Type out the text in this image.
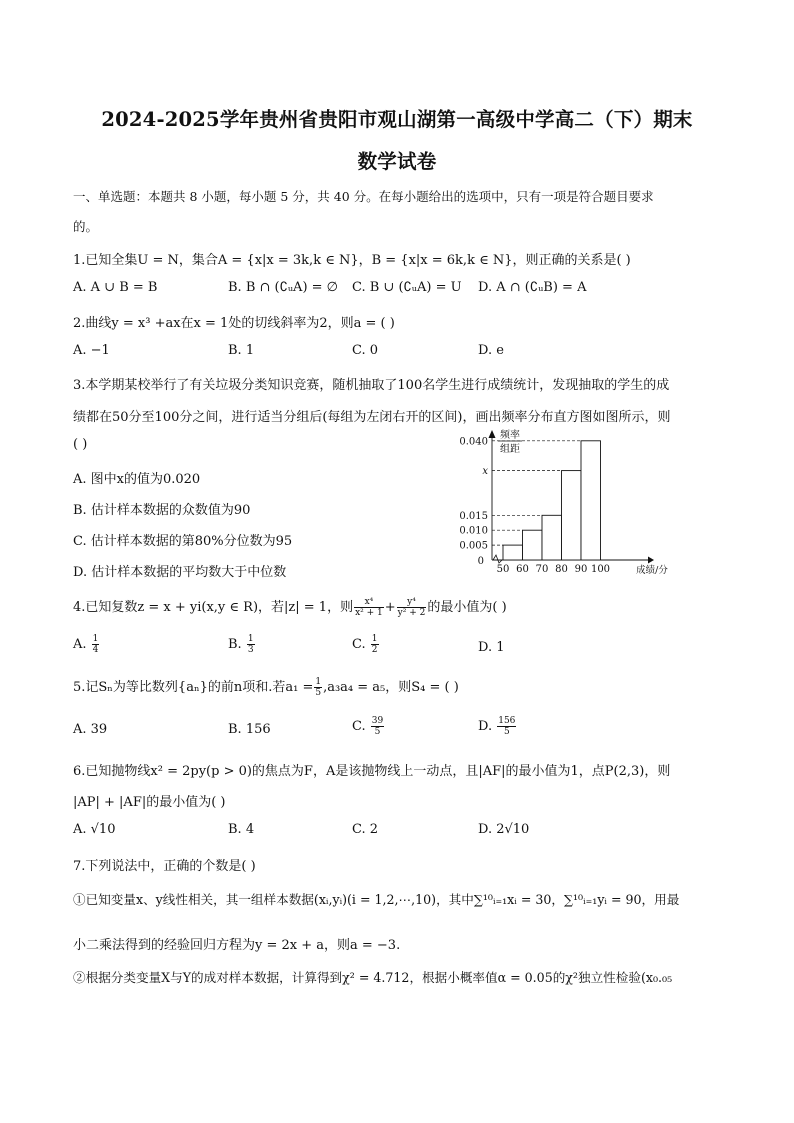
2024-2025学年贵州省贵阳市观山湖第一高级中学高二（下）期末
数学试卷
一、单选题：本题共 8 小题，每小题 5 分，共 40 分。在每小题给出的选项中，只有一项是符合题目要求
的。
1.已知全集U = N，集合A = {x|x = 3k,k ∈ N}，B = {x|x = 6k,k ∈ N}，则正确的关系是( )
A. A ∪ B = B	B. B ∩ (∁ᵤA) = ∅ C. B ∪ (∁ᵤA) = U D. A ∩ (∁ᵤB) = A
2.曲线y = x³ +ax在x = 1处的切线斜率为2，则a = ( )
A. −1	B. 1	C. 0	D. e
3.本学期某校举行了有关垃圾分类知识竞赛，随机抽取了100名学生进行成绩统计，发现抽取的学生的成
绩都在50分至100分之间，进行适当分组后(每组为左闭右开的区间)，画出频率分布直方图如图所示，则
( )
A. 图中x的值为0.020
B. 估计样本数据的众数值为90
C. 估计样本数据的第80%分位数为95
D. 估计样本数据的平均数大于中位数
频率
组距
0.005
0.010
0.015
x
0.040
0
50 60 70 80 90 100	成绩/分
4.已知复数z = x + yi(x,y ∈ R)，若|z| = 1，则 $\frac{\text{x⁴}}{\text{x² + 1}} + \frac{\text{y⁴}}{\text{y² + 2}}$ 的最小值为( )
A. $\frac{1}{4}$	B. $\frac{1}{3}$	C. $\frac{1}{2}$	D. 1
5.记Sₙ为等比数列{aₙ}的前n项和.若$a_1 = \frac{1}{5} ,a_3a_4 = a_5$，则S₄ = ( )
A. 39	B. 156	C. $\frac{39}{5}$	D. $\frac{156}{5}$
6.已知抛物线x² = 2py(p > 0)的焦点为F，A是该抛物线上一动点，且|AF|的最小值为1，点P(2,3)，则
|AP| + |AF|的最小值为( )
A. √10	B. 4	C. 2	D. 2√10
7.下列说法中，正确的个数是( )
①已知变量x、y线性相关，其一组样本数据(xᵢ,yᵢ)(i = 1,2,⋯,10)，其中∑¹⁰ᵢ₌₁xᵢ = 30，∑¹⁰ᵢ₌₁yᵢ = 90，用最
小二乘法得到的经验回归方程为y = 2x + a，则a = −3.
②根据分类变量X与Y的成对样本数据，计算得到χ² = 4.712，根据小概率值α = 0.05的χ²独立性检验(x₀.₀₅
